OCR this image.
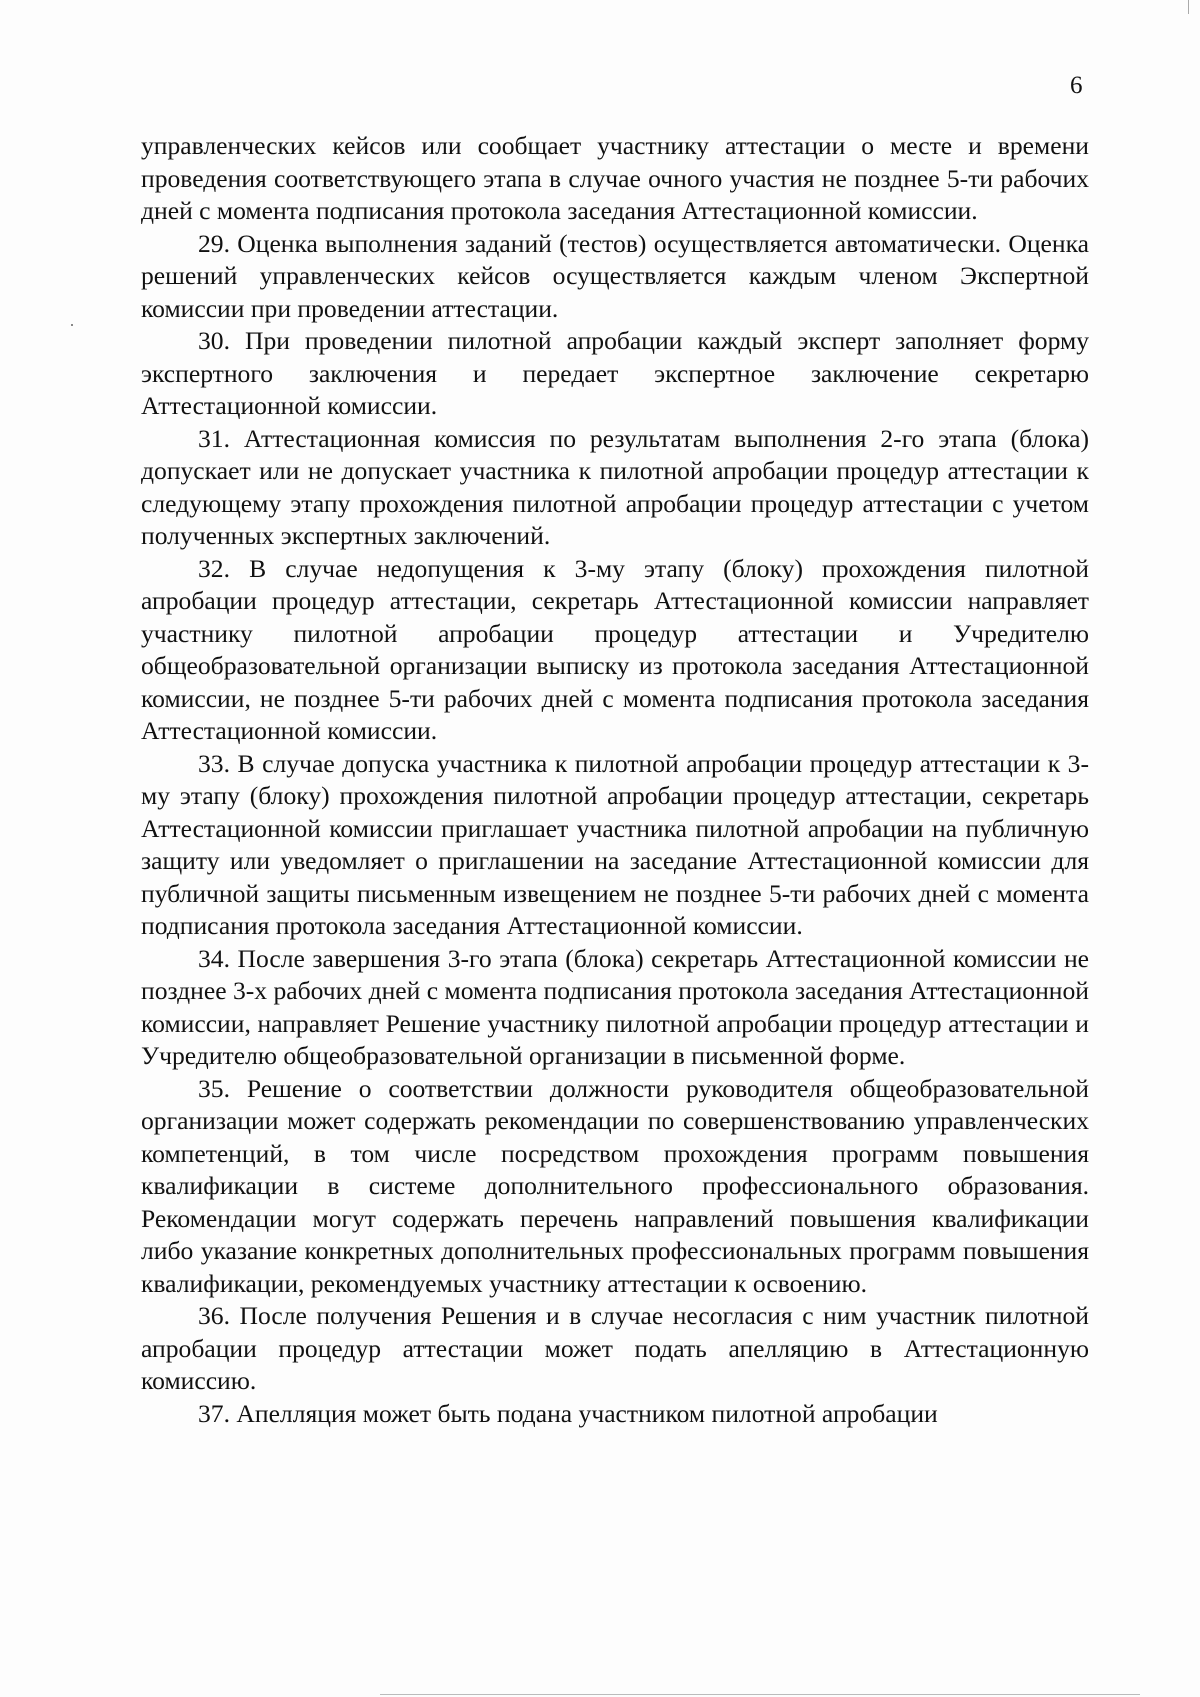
6

управленческих кейсов или сообщает участнику аттестации о месте и времени проведения соответствующего этапа в случае очного участия не позднее 5-ти рабочих дней с момента подписания протокола заседания Аттестационной комиссии.

29. Оценка выполнения заданий (тестов) осуществляется автоматически. Оценка решений управленческих кейсов осуществляется каждым членом Экспертной комиссии при проведении аттестации.

30. При проведении пилотной апробации каждый эксперт заполняет форму экспертного заключения и передает экспертное заключение секретарю Аттестационной комиссии.

31. Аттестационная комиссия по результатам выполнения 2-го этапа (блока) допускает или не допускает участника к пилотной апробации процедур аттестации к следующему этапу прохождения пилотной апробации процедур аттестации с учетом полученных экспертных заключений.

32. В случае недопущения к 3-му этапу (блоку) прохождения пилотной апробации процедур аттестации, секретарь Аттестационной комиссии направляет участнику пилотной апробации процедур аттестации и Учредителю общеобразовательной организации выписку из протокола заседания Аттестационной комиссии, не позднее 5-ти рабочих дней с момента подписания протокола заседания Аттестационной комиссии.

33. В случае допуска участника к пилотной апробации процедур аттестации к 3-му этапу (блоку) прохождения пилотной апробации процедур аттестации, секретарь Аттестационной комиссии приглашает участника пилотной апробации на публичную защиту или уведомляет о приглашении на заседание Аттестационной комиссии для публичной защиты письменным извещением не позднее 5-ти рабочих дней с момента подписания протокола заседания Аттестационной комиссии.

34. После завершения 3-го этапа (блока) секретарь Аттестационной комиссии не позднее 3-х рабочих дней с момента подписания протокола заседания Аттестационной комиссии, направляет Решение участнику пилотной апробации процедур аттестации и Учредителю общеобразовательной организации в письменной форме.

35. Решение о соответствии должности руководителя общеобразовательной организации может содержать рекомендации по совершенствованию управленческих компетенций, в том числе посредством прохождения программ повышения квалификации в системе дополнительного профессионального образования. Рекомендации могут содержать перечень направлений повышения квалификации либо указание конкретных дополнительных профессиональных программ повышения квалификации, рекомендуемых участнику аттестации к освоению.

36. После получения Решения и в случае несогласия с ним участник пилотной апробации процедур аттестации может подать апелляцию в Аттестационную комиссию.

37. Апелляция может быть подана участником пилотной апробации
